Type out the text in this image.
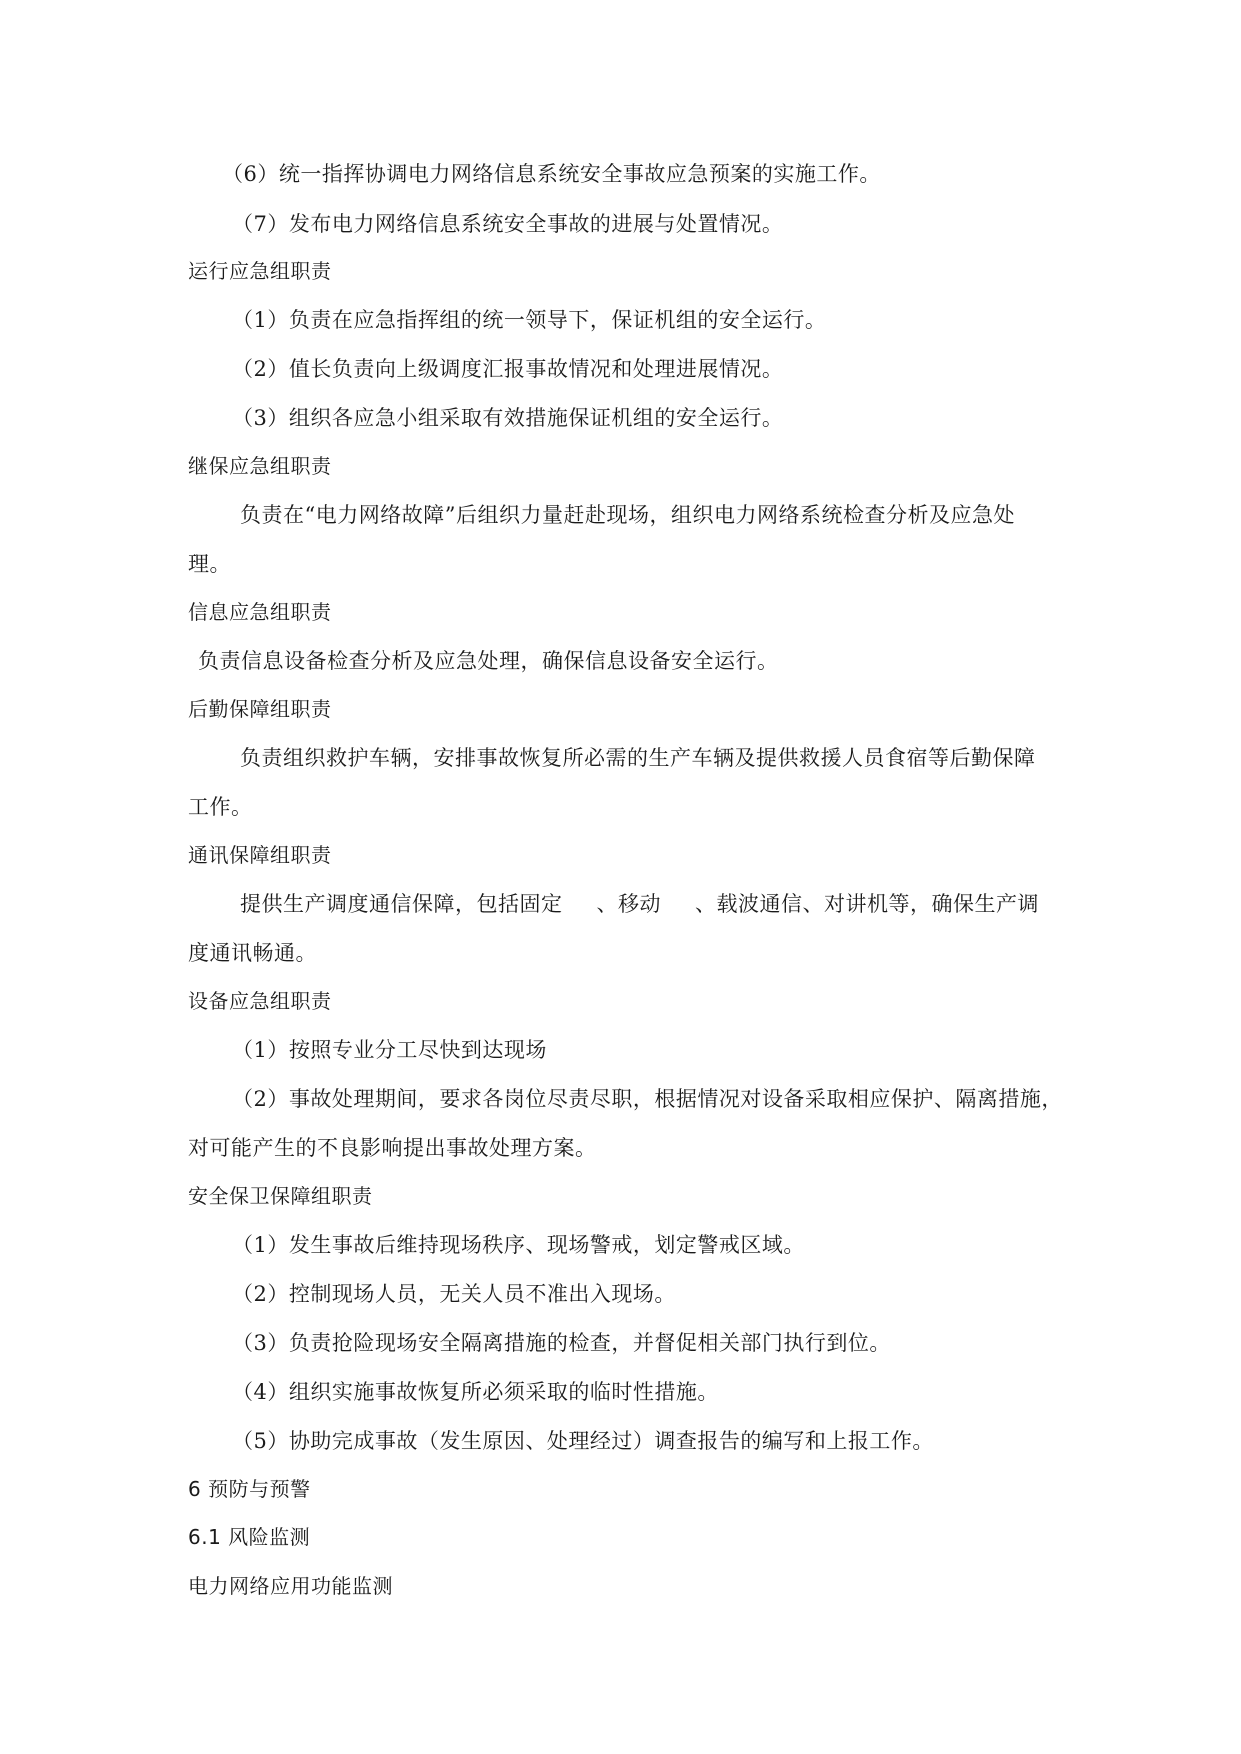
（6）统一指挥协调电力网络信息系统安全事故应急预案的实施工作。
（7）发布电力网络信息系统安全事故的进展与处置情况。
运行应急组职责
（1）负责在应急指挥组的统一领导下，保证机组的安全运行。
（2）值长负责向上级调度汇报事故情况和处理进展情况。
（3）组织各应急小组采取有效措施保证机组的安全运行。
继保应急组职责
负责在“电力网络故障”后组织力量赶赴现场，组织电力网络系统检查分析及应急处
理。
信息应急组职责
负责信息设备检查分析及应急处理，确保信息设备安全运行。
后勤保障组职责
负责组织救护车辆，安排事故恢复所必需的生产车辆及提供救援人员食宿等后勤保障
工作。
通讯保障组职责
提供生产调度通信保障，包括固定 、移动 、载波通信、对讲机等，确保生产调
度通讯畅通。
设备应急组职责
（1）按照专业分工尽快到达现场
（2）事故处理期间，要求各岗位尽责尽职，根据情况对设备采取相应保护、隔离措施，
对可能产生的不良影响提出事故处理方案。
安全保卫保障组职责
（1）发生事故后维持现场秩序、现场警戒，划定警戒区域。
（2）控制现场人员，无关人员不准出入现场。
（3）负责抢险现场安全隔离措施的检查，并督促相关部门执行到位。
（4）组织实施事故恢复所必须采取的临时性措施。
（5）协助完成事故（发生原因、处理经过）调查报告的编写和上报工作。
6 预防与预警
6.1 风险监测
电力网络应用功能监测
